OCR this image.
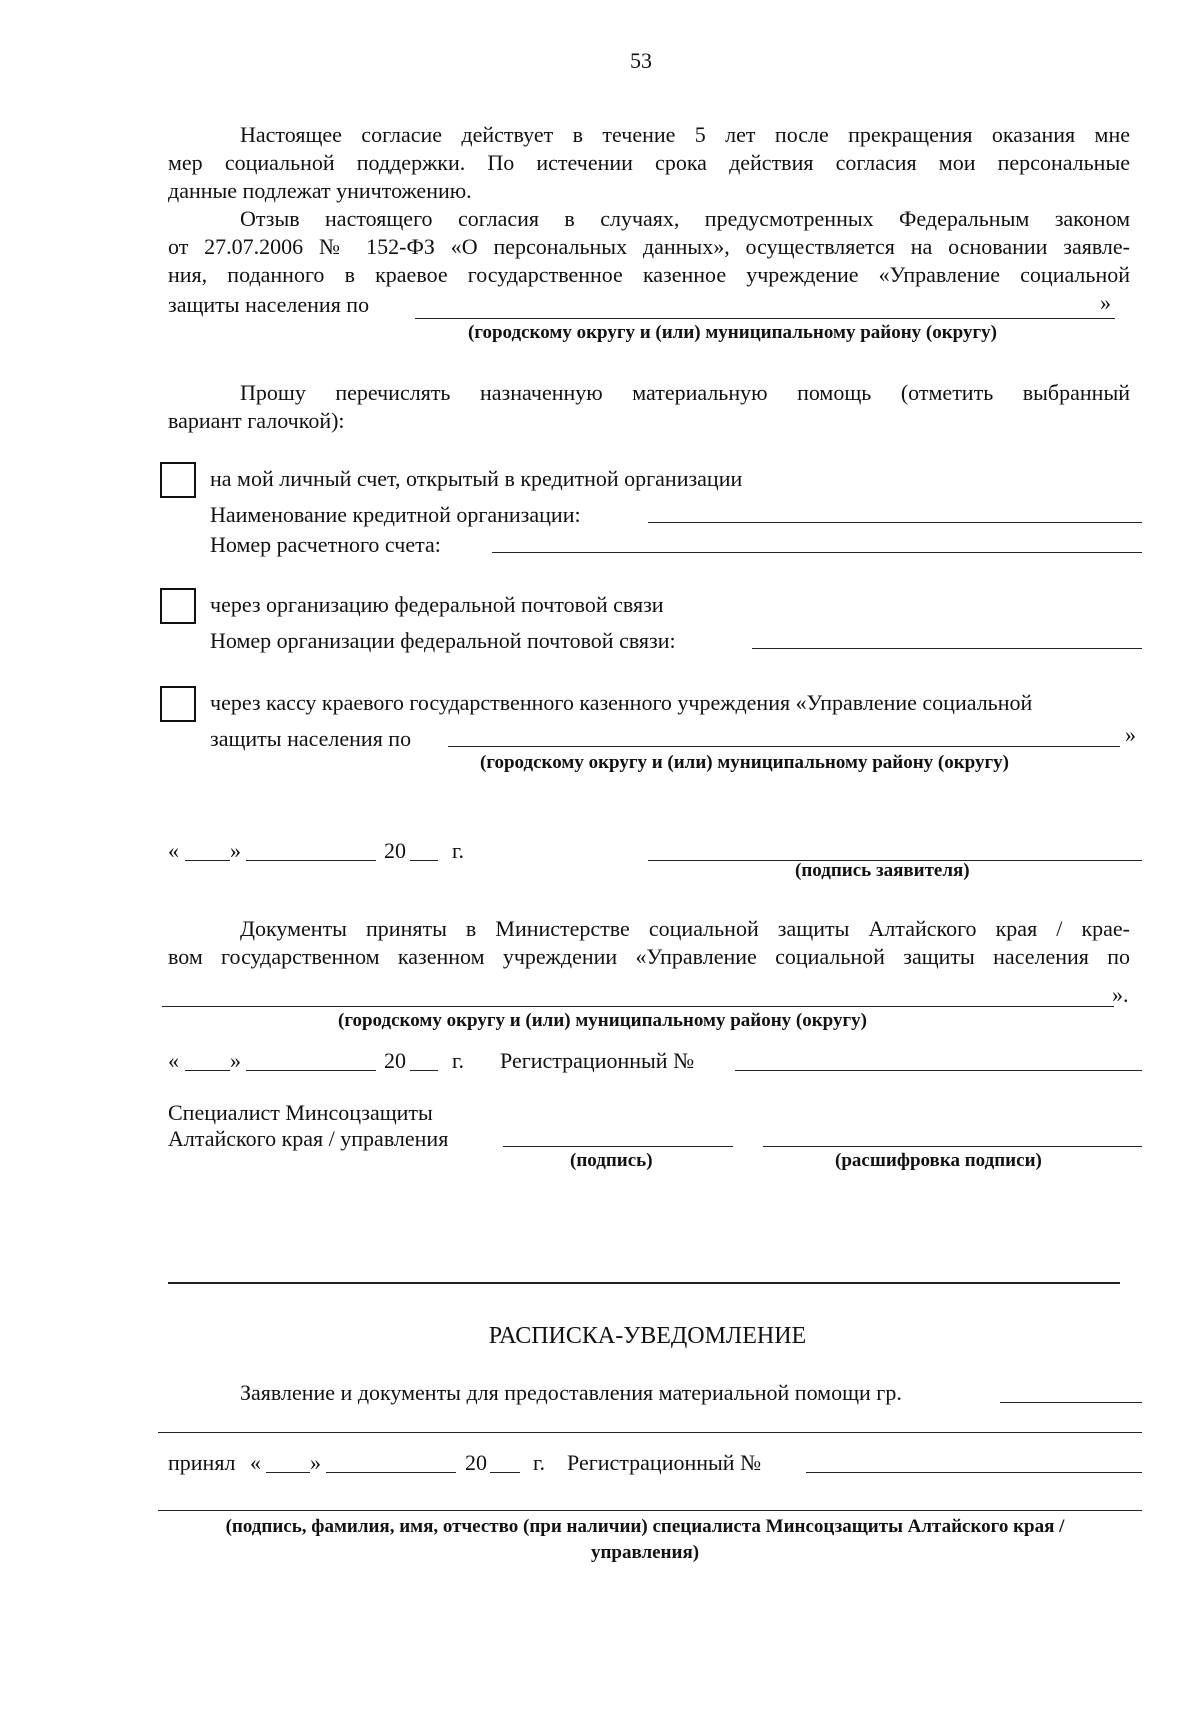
53
Настоящее согласие действует в течение 5 лет после прекращения оказания мне
мер социальной поддержки. По истечении срока действия согласия мои персональные
данные подлежат уничтожению.
Отзыв настоящего согласия в случаях, предусмотренных Федеральным законом
от 27.07.2006 № 152-ФЗ «О персональных данных», осуществляется на основании заявле-
ния, поданного в краевое государственное казенное учреждение «Управление социальной
защиты населения по	»
(городскому округу и (или) муниципальному району (округу)
Прошу перечислять назначенную материальную помощь (отметить выбранный
вариант галочкой):
на мой личный счет, открытый в кредитной организации
Наименование кредитной организации:
Номер расчетного счета:
через организацию федеральной почтовой связи
Номер организации федеральной почтовой связи:
через кассу краевого государственного казенного учреждения «Управление социальной
защиты населения по	»
(городскому округу и (или) муниципальному району (округу)
« »	20 г.
(подпись заявителя)
Документы приняты в Министерстве социальной защиты Алтайского края / крае-
вом государственном казенном учреждении «Управление социальной защиты населения по
».
(городскому округу и (или) муниципальному району (округу)
« »	20 г. Регистрационный №
Специалист Минсоцзащиты
Алтайского края / управления
(подпись)	(расшифровка подписи)
РАСПИСКА-УВЕДОМЛЕНИЕ
Заявление и документы для предоставления материальной помощи гр.
принял « »	20 г. Регистрационный №
(подпись, фамилия, имя, отчество (при наличии) специалиста Минсоцзащиты Алтайского края /
управления)
